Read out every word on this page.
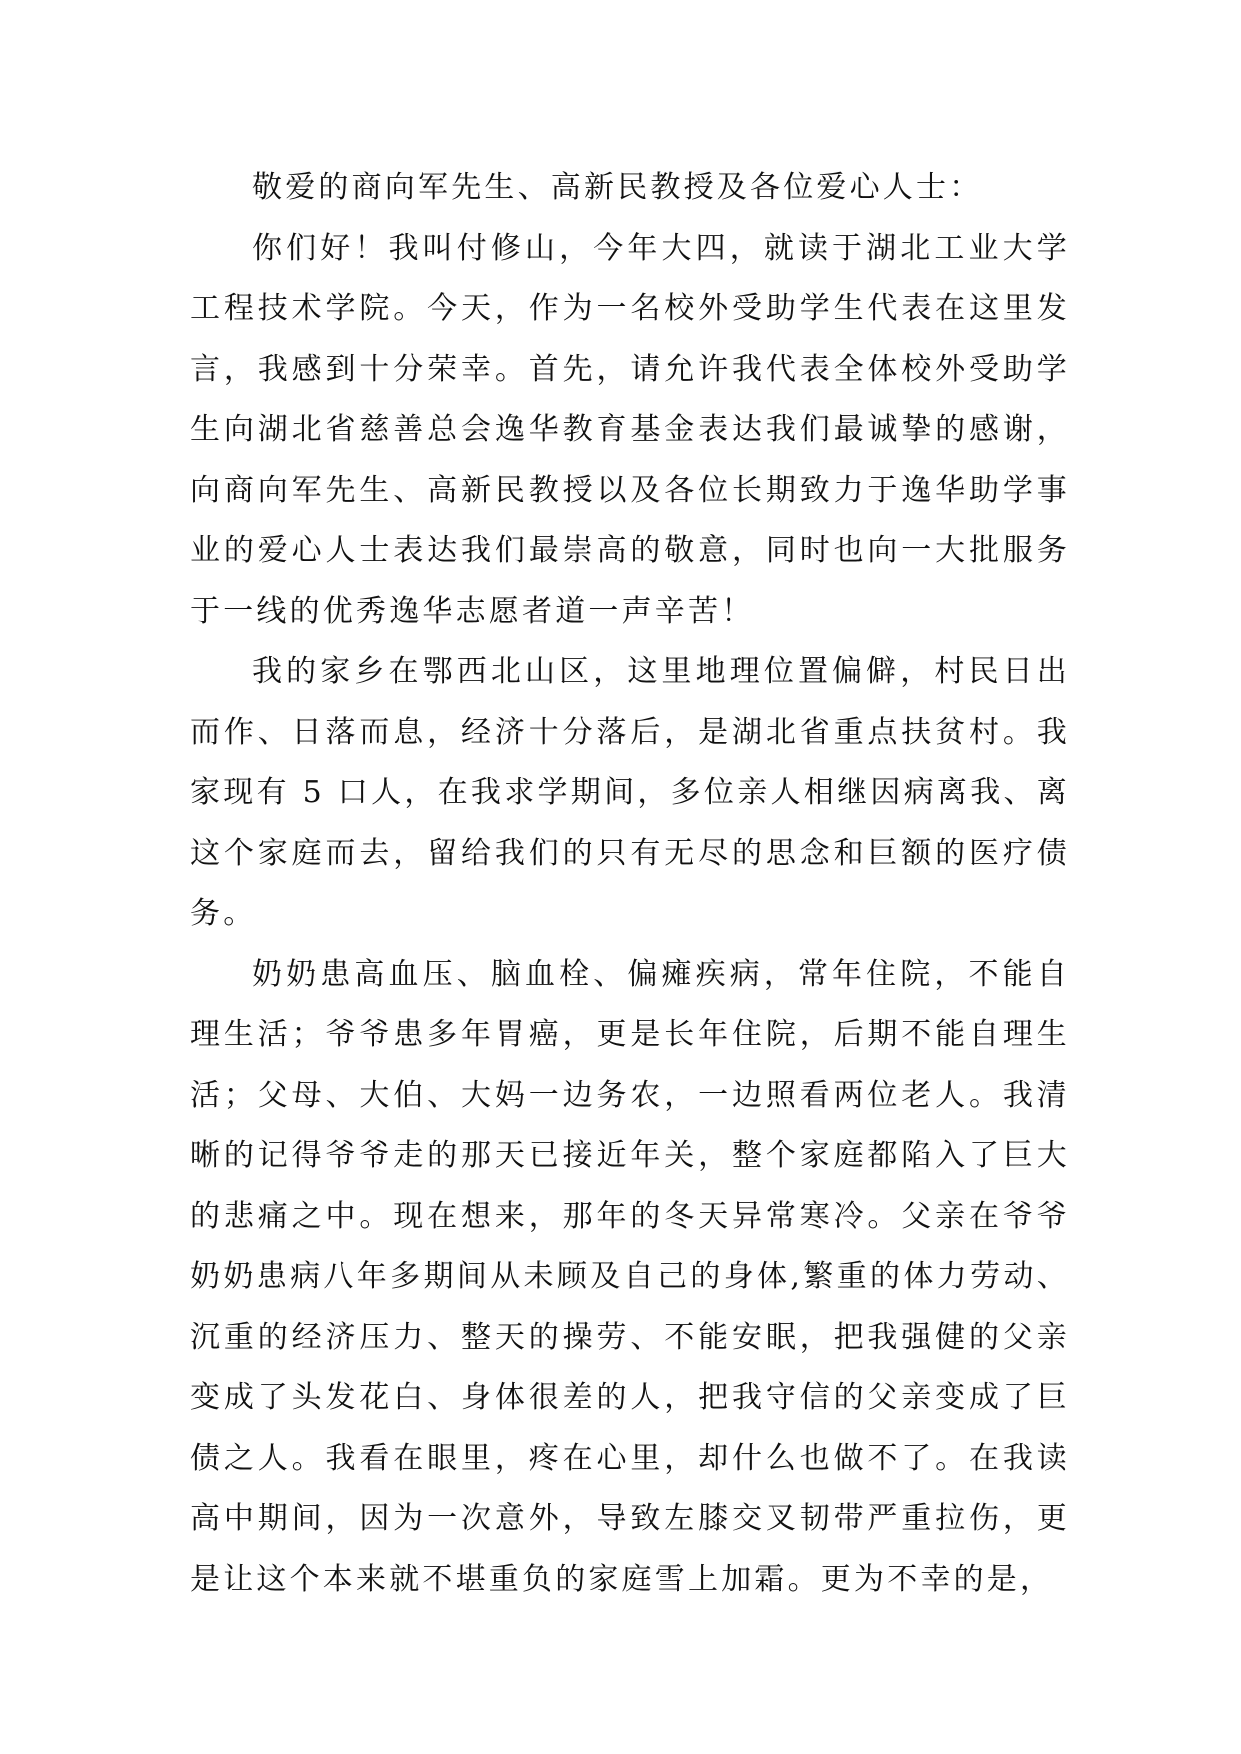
敬爱的商向军先生、高新民教授及各位爱心人士：

你们好！我叫付修山，今年大四，就读于湖北工业大学工程技术学院。今天，作为一名校外受助学生代表在这里发言，我感到十分荣幸。首先，请允许我代表全体校外受助学生向湖北省慈善总会逸华教育基金表达我们最诚挚的感谢，向商向军先生、高新民教授以及各位长期致力于逸华助学事业的爱心人士表达我们最崇高的敬意，同时也向一大批服务于一线的优秀逸华志愿者道一声辛苦！

我的家乡在鄂西北山区，这里地理位置偏僻，村民日出而作、日落而息，经济十分落后，是湖北省重点扶贫村。我家现有 5 口人，在我求学期间，多位亲人相继因病离我、离这个家庭而去，留给我们的只有无尽的思念和巨额的医疗债务。

奶奶患高血压、脑血栓、偏瘫疾病，常年住院，不能自理生活；爷爷患多年胃癌，更是长年住院，后期不能自理生活；父母、大伯、大妈一边务农，一边照看两位老人。我清晰的记得爷爷走的那天已接近年关，整个家庭都陷入了巨大的悲痛之中。现在想来，那年的冬天异常寒冷。父亲在爷爷奶奶患病八年多期间从未顾及自己的身体,繁重的体力劳动、沉重的经济压力、整天的操劳、不能安眠，把我强健的父亲变成了头发花白、身体很差的人，把我守信的父亲变成了巨债之人。我看在眼里，疼在心里，却什么也做不了。在我读高中期间，因为一次意外，导致左膝交叉韧带严重拉伤，更是让这个本来就不堪重负的家庭雪上加霜。更为不幸的是，
